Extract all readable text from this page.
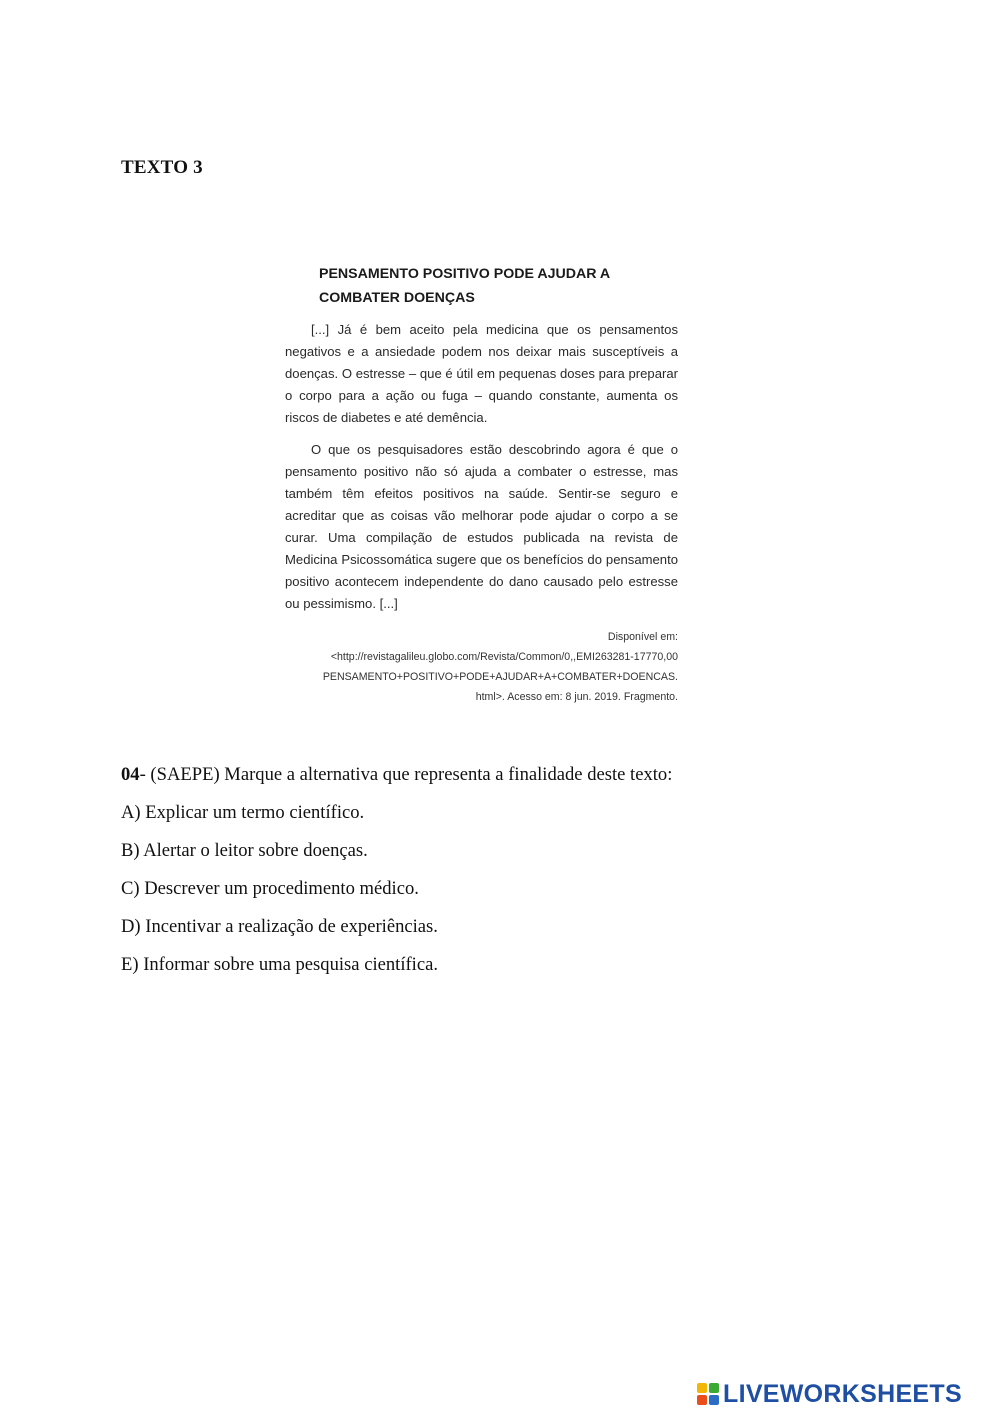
TEXTO 3
PENSAMENTO POSITIVO PODE AJUDAR A COMBATER DOENÇAS

[...] Já é bem aceito pela medicina que os pensamentos negativos e a ansiedade podem nos deixar mais susceptíveis a doenças. O estresse – que é útil em pequenas doses para preparar o corpo para a ação ou fuga – quando constante, aumenta os riscos de diabetes e até demência.

O que os pesquisadores estão descobrindo agora é que o pensamento positivo não só ajuda a combater o estresse, mas também têm efeitos positivos na saúde. Sentir-se seguro e acreditar que as coisas vão melhorar pode ajudar o corpo a se curar. Uma compilação de estudos publicada na revista de Medicina Psicossomática sugere que os benefícios do pensamento positivo acontecem independente do dano causado pelo estresse ou pessimismo. [...]

Disponível em:
<http://revistagalileu.globo.com/Revista/Common/0,,EMI263281-17770,00
PENSAMENTO+POSITIVO+PODE+AJUDAR+A+COMBATER+DOENCAS.
html>. Acesso em: 8 jun. 2019. Fragmento.

04- (SAEPE) Marque a alternativa que representa a finalidade deste texto:

A) Explicar um termo científico.

B) Alertar o leitor sobre doenças.

C) Descrever um procedimento médico.

D) Incentivar a realização de experiências.

E) Informar sobre uma pesquisa científica.

LIVEWORKSHEETS
